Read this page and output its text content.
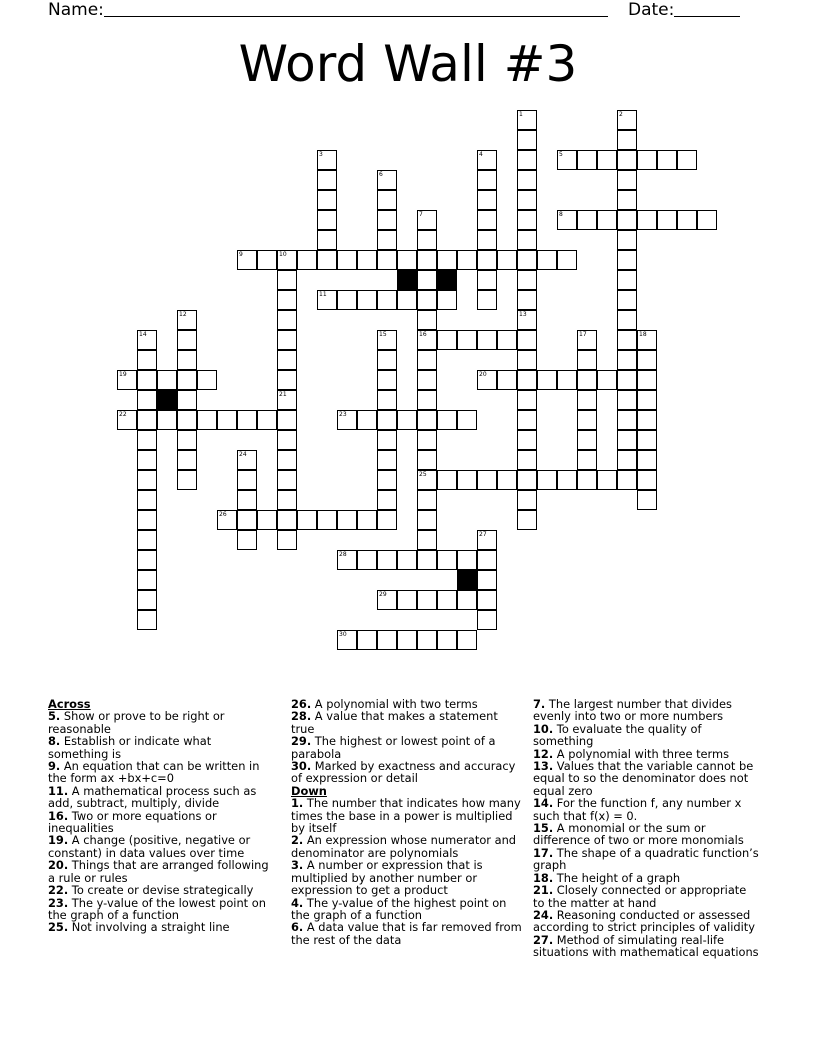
Name:	Date:
Word Wall #3
1
13
2
3	4	5
6
7
16
25
8
9	10
11
12
14	15	17	18
19	20
21
22	23
24
26
27
28
29
30
Across
5. Show or prove to be right or reasonable
8. Establish or indicate what something is
9. An equation that can be written in the form ax +bx+c=0
11. A mathematical process such as add, subtract, multiply, divide
16. Two or more equations or inequalities
19. A change (positive, negative or constant) in data values over time
20. Things that are arranged following a rule or rules
22. To create or devise strategically
23. The y-value of the lowest point on the graph of a function
25. Not involving a straight line
26. A polynomial with two terms
28. A value that makes a statement true
29. The highest or lowest point of a parabola
30. Marked by exactness and accuracy of expression or detail
Down
1. The number that indicates how many times the base in a power is multiplied by itself
2. An expression whose numerator and denominator are polynomials
3. A number or expression that is multiplied by another number or expression to get a product
4. The y-value of the highest point on the graph of a function
6. A data value that is far removed from the rest of the data
7. The largest number that divides evenly into two or more numbers
10. To evaluate the quality of something
12. A polynomial with three terms
13. Values that the variable cannot be equal to so the denominator does not equal zero
14. For the function f, any number x such that f(x) = 0.
15. A monomial or the sum or difference of two or more monomials
17. The shape of a quadratic function’s graph
18. The height of a graph
21. Closely connected or appropriate to the matter at hand
24. Reasoning conducted or assessed according to strict principles of validity
27. Method of simulating real-life situations with mathematical equations
